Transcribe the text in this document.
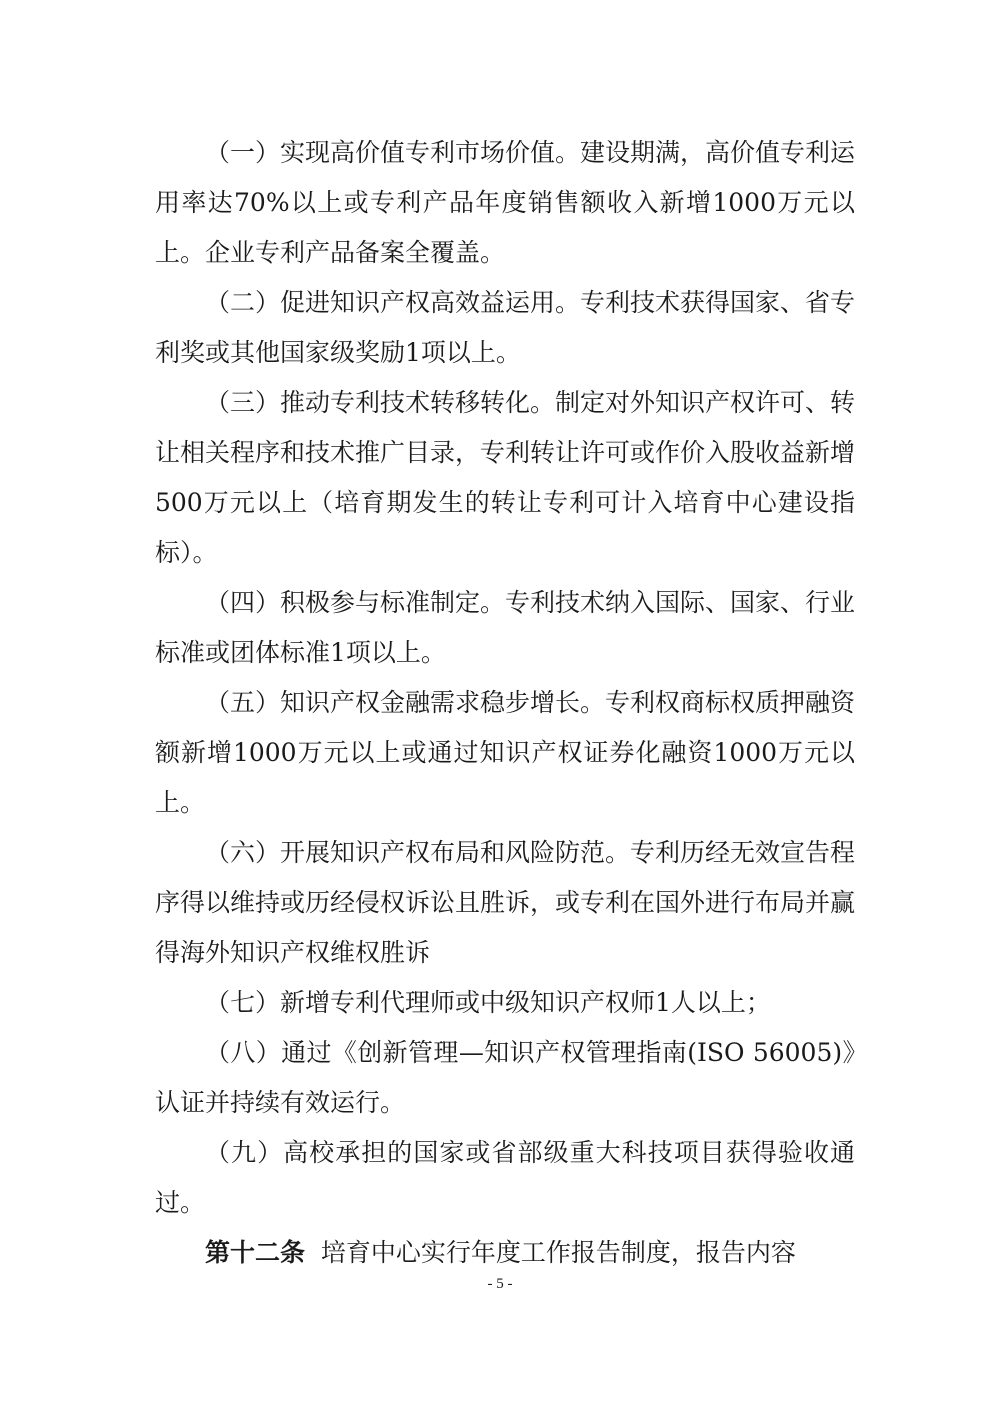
（一）实现高价值专利市场价值。建设期满，高价值专利运用率达70%以上或专利产品年度销售额收入新增1000万元以上。企业专利产品备案全覆盖。

（二）促进知识产权高效益运用。专利技术获得国家、省专利奖或其他国家级奖励1项以上。

（三）推动专利技术转移转化。制定对外知识产权许可、转让相关程序和技术推广目录，专利转让许可或作价入股收益新增500万元以上（培育期发生的转让专利可计入培育中心建设指标）。

（四）积极参与标准制定。专利技术纳入国际、国家、行业标准或团体标准1项以上。

（五）知识产权金融需求稳步增长。专利权商标权质押融资额新增1000万元以上或通过知识产权证券化融资1000万元以上。

（六）开展知识产权布局和风险防范。专利历经无效宣告程序得以维持或历经侵权诉讼且胜诉，或专利在国外进行布局并赢得海外知识产权维权胜诉

（七）新增专利代理师或中级知识产权师1人以上；

（八）通过《创新管理—知识产权管理指南(ISO 56005)》认证并持续有效运行。

（九）高校承担的国家或省部级重大科技项目获得验收通过。

第十二条 培育中心实行年度工作报告制度，报告内容

- 5 -
